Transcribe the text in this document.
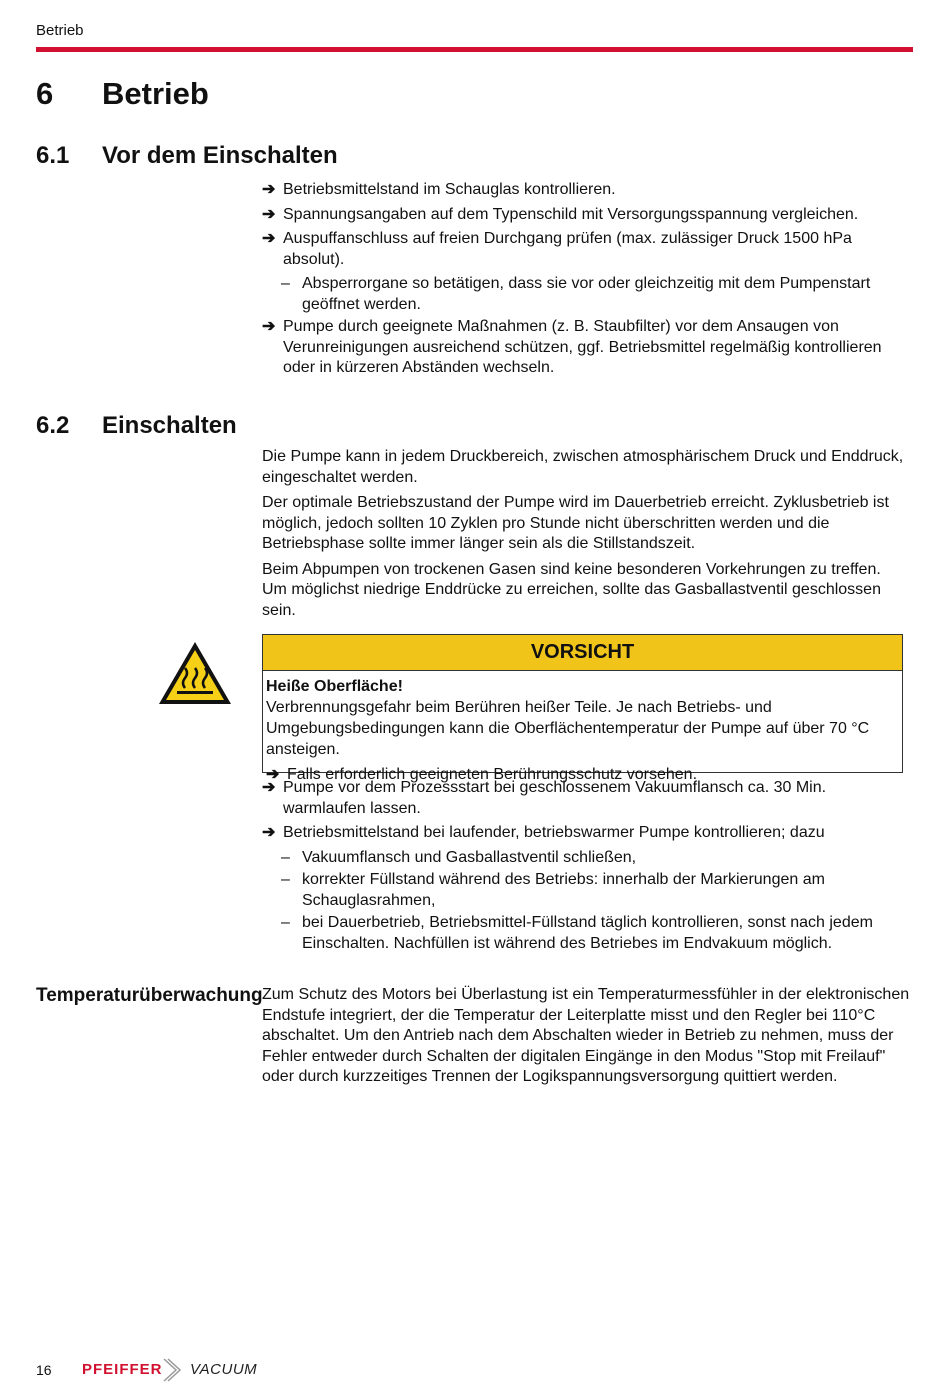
Betrieb
6 Betrieb
6.1 Vor dem Einschalten
➔ Betriebsmittelstand im Schauglas kontrollieren.
➔ Spannungsangaben auf dem Typenschild mit Versorgungsspannung vergleichen.
➔ Auspuffanschluss auf freien Durchgang prüfen (max. zulässiger Druck 1500 hPa absolut).
– Absperrorgane so betätigen, dass sie vor oder gleichzeitig mit dem Pumpenstart geöffnet werden.
➔ Pumpe durch geeignete Maßnahmen (z. B. Staubfilter) vor dem Ansaugen von Verunreinigungen ausreichend schützen, ggf. Betriebsmittel regelmäßig kontrollieren oder in kürzeren Abständen wechseln.
6.2 Einschalten

Die Pumpe kann in jedem Druckbereich, zwischen atmosphärischem Druck und Enddruck, eingeschaltet werden.

Der optimale Betriebszustand der Pumpe wird im Dauerbetrieb erreicht. Zyklusbetrieb ist möglich, jedoch sollten 10 Zyklen pro Stunde nicht überschritten werden und die Betriebsphase sollte immer länger sein als die Stillstandszeit.

Beim Abpumpen von trockenen Gasen sind keine besonderen Vorkehrungen zu treffen. Um möglichst niedrige Enddrücke zu erreichen, sollte das Gasballastventil geschlossen sein.

VORSICHT
Heiße Oberfläche!
Verbrennungsgefahr beim Berühren heißer Teile. Je nach Betriebs- und Umgebungsbedingungen kann die Oberflächentemperatur der Pumpe auf über 70 °C ansteigen.
➔ Falls erforderlich geeigneten Berührungsschutz vorsehen.
➔ Pumpe vor dem Prozessstart bei geschlossenem Vakuumflansch ca. 30 Min. warmlaufen lassen.
➔ Betriebsmittelstand bei laufender, betriebswarmer Pumpe kontrollieren; dazu
– Vakuumflansch und Gasballastventil schließen,
– korrekter Füllstand während des Betriebs: innerhalb der Markierungen am Schauglasrahmen,
– bei Dauerbetrieb, Betriebsmittel-Füllstand täglich kontrollieren, sonst nach jedem Einschalten. Nachfüllen ist während des Betriebes im Endvakuum möglich.
Temperaturüberwachung Zum Schutz des Motors bei Überlastung ist ein Temperaturmessfühler in der elektronischen Endstufe integriert, der die Temperatur der Leiterplatte misst und den Regler bei 110°C abschaltet. Um den Antrieb nach dem Abschalten wieder in Betrieb zu nehmen, muss der Fehler entweder durch Schalten der digitalen Eingänge in den Modus "Stop mit Freilauf" oder durch kurzzeitiges Trennen der Logikspannungsversorgung quittiert werden.

16 PFEIFFER VACUUM
